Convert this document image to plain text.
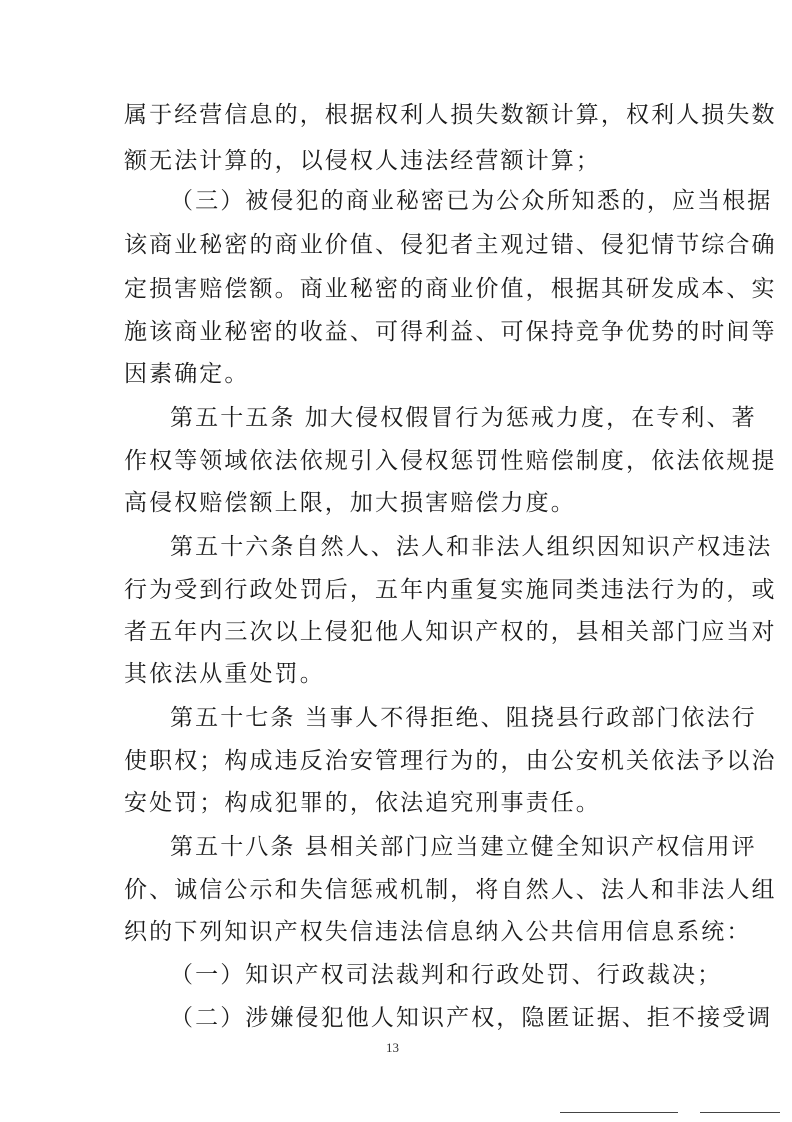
属于经营信息的，根据权利人损失数额计算，权利人损失数
额无法计算的，以侵权人违法经营额计算；
（三）被侵犯的商业秘密已为公众所知悉的，应当根据
该商业秘密的商业价值、侵犯者主观过错、侵犯情节综合确
定损害赔偿额。商业秘密的商业价值，根据其研发成本、实
施该商业秘密的收益、可得利益、可保持竞争优势的时间等
因素确定。
第五十五条 加大侵权假冒行为惩戒力度，在专利、著
作权等领域依法依规引入侵权惩罚性赔偿制度，依法依规提
高侵权赔偿额上限，加大损害赔偿力度。
第五十六条自然人、法人和非法人组织因知识产权违法
行为受到行政处罚后，五年内重复实施同类违法行为的，或
者五年内三次以上侵犯他人知识产权的，县相关部门应当对
其依法从重处罚。
第五十七条 当事人不得拒绝、阻挠县行政部门依法行
使职权；构成违反治安管理行为的，由公安机关依法予以治
安处罚；构成犯罪的，依法追究刑事责任。
第五十八条 县相关部门应当建立健全知识产权信用评
价、诚信公示和失信惩戒机制，将自然人、法人和非法人组
织的下列知识产权失信违法信息纳入公共信用信息系统：
（一）知识产权司法裁判和行政处罚、行政裁决；
（二）涉嫌侵犯他人知识产权，隐匿证据、拒不接受调
13
